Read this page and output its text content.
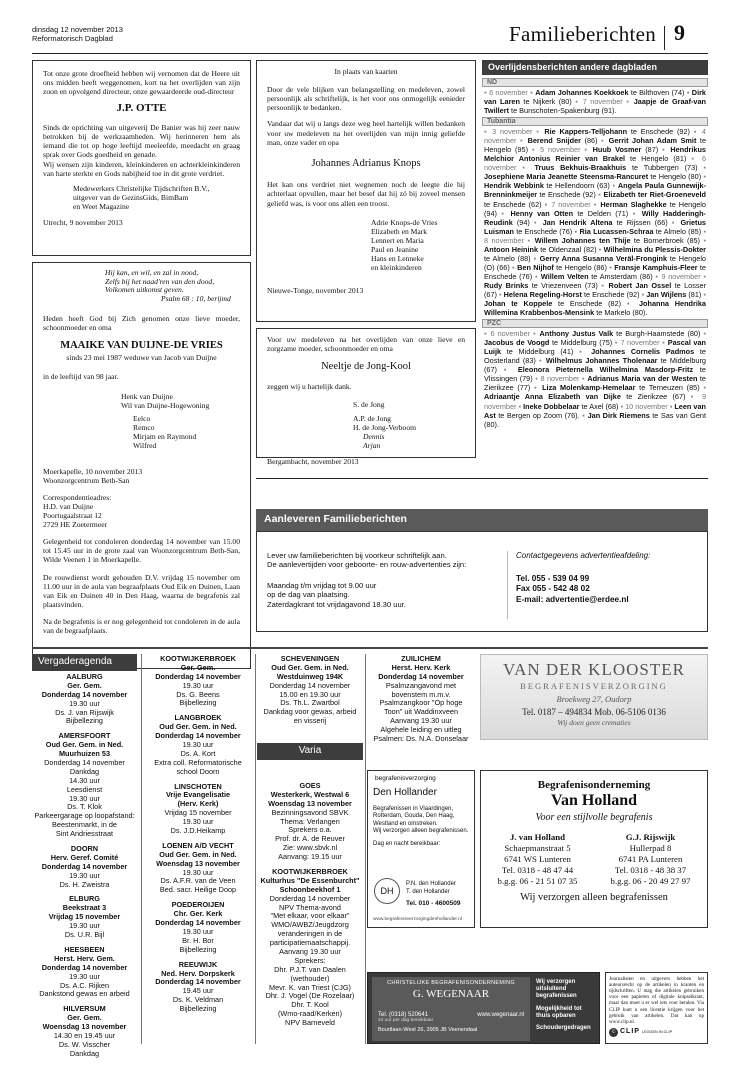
dinsdag 12 november 2013
Reformatorisch Dagblad	Familieberichten 9
Tot onze grote droefheid hebben wij vernomen dat de Heere uit ons midden heeft weggenomen, kort na het overlijden van zijn zoon en opvolgend directeur, onze gewaardeerde oud-directeur
J.P. OTTE
Sinds de oprichting van uitgeverij De Banier was hij zeer nauw betrokken bij de werkzaamheden. Wij herinneren hem als iemand die tot op hoge leeftijd meeleefde, meedacht en graag sprak over Gods goedheid en genade.
Wij wensen zijn kinderen, kleinkinderen en achterkleinkinderen van harte sterkte en Gods nabijheid toe in dit grote verdriet.
Medewerkers Christelijke Tijdschriften B.V.,
uitgever van de GezinsGids, BimBam
en Weet Magazine
Utrecht, 9 november 2013
Hij kan, en wil, en zal in nood,
Zelfs bij het naad'ren van den dood,
Volkomen uitkomst geven.
Psalm 68 : 10, berijmd
Heden heeft God bij Zich genomen onze lieve moeder, schoonmoeder en oma
MAAIKE VAN DUIJNE-DE VRIES
sinds 23 mei 1987 weduwe van Jacob van Duijne
in de leeftijd van 98 jaar.
Henk van Duijne
Wil van Duijne-Hogewoning
Eelco
Remco
Mirjam en Raymond
Wilfred
Moerkapelle, 10 november 2013
Woonzorgcentrum Beth-San
Correspondentieadres:
H.D. van Duijne
Poortugaalstraat 12
2729 HE Zoetermeer
Gelegenheid tot condoleren donderdag 14 november van 15.00 tot 15.45 uur in de grote zaal van Woonzorgcentrum Beth-San, Wilde Veenen 1 in Moerkapelle.
De rouwdienst wordt gehouden D.V. vrijdag 15 november om 11.00 uur in de aula van begraafplaats Oud Eik en Duinen, Laan van Eik en Duinen 40 in Den Haag, waarna de begrafenis zal plaatsvinden.
Na de begrafenis is er nog gelegenheid tot condoleren in de aula van de begraafplaats.
In plaats van kaarten
Door de vele blijken van belangstelling en medeleven, zowel persoonlijk als schriftelijk, is het voor ons onmogelijk eenieder persoonlijk te bedanken.
Vandaar dat wij u langs deze weg heel hartelijk willen bedanken voor uw medeleven na het overlijden van mijn innig geliefde man, onze vader en opa
Johannes Adrianus Knops
Het kan ons verdriet niet wegnemen noch de leegte die hij achterlaat opvullen, maar het besef dat hij zó bij zoveel mensen geliefd was, is voor ons allen een troost.
Adrie Knops-de Vries
Elizabeth en Mark
Lennert en Maria
Paul en Jeanine
Hans en Lenneke
en kleinkinderen
Nieuwe-Tonge, november 2013
Voor uw medeleven na het overlijden van onze lieve en zorgzame moeder, schoonmoeder en oma
Neeltje de Jong-Kool
zeggen wij u hartelijk dank.
S. de Jong
A.P. de Jong
H. de Jong-Verboom
Dennis
Arjan
Bergambacht, november 2013
Overlijdensberichten andere dagbladen
ND
▪ 6 november ▪ Adam Johannes Koekkoek te Bilthoven (74) ▪ Dirk van Laren te Nijkerk (80) ▪ 7 november ▪ Jaapje de Graaf-van Twillert te Bunschoten-Spakenburg (91).
Tubantia
▪ 3 november ▪ Rie Kappers-Telljohann te Enschede (92) ▪ 4 november ▪ Berend Snijder (86) ▪ Gerrit Johan Adam Smit te Hengelo (95) ▪ 5 november ▪ Huub Vosmer (87) ▪ Hendrikus Melchior Antonius Reinier van Brakel te Hengelo (81) ▪ 6 november ▪ Truus Bekhuis-Braakhuis te Tubbergen (73) ▪ Josephiene Maria Jeanette Steensma-Rancuret te Hengelo (80) ▪ Hendrik Webbink te Hellendoorn (63) ▪ Angela Paula Gunnewijk-Brenninkmeijer te Enschede (92) ▪ Elizabeth ter Riet-Groeneveld te Enschede (62) ▪ 7 november ▪ Herman Slaghekke te Hengelo (94) ▪ Henny van Otten te Delden (71) ▪ Willy Hadderingh-Reudink (94) ▪ Jan Hendrik Altena te Rijssen (66) ▪ Grietus Luisman te Enschede (76) ▪ Ria Lucassen-Schraa te Almelo (85) ▪ 8 november ▪ Willem Johannes ten Thije te Bornerbroek (85) ▪ Antoon Heinink te Oldenzaal (82) ▪ Wilhelmina du Plessis-Dokter te Almelo (88) ▪ Gerry Anna Susanna Veräl-Frongink te Hengelo (O) (66) ▪ Ben Nijhof te Hengelo (86) ▪ Fransje Kamphuis-Fleer te Enschede (76) ▪ Willem Velten te Amsterdam (86) ▪ 9 november ▪ Rudy Brinks te Vriezenveen (73) ▪ Robert Jan Ossel te Losser (67) ▪ Helena Regeling-Horst te Enschede (92) ▪ Jan Wijlens (81) ▪ Johan te Koppele te Enschede (82) ▪ Johanna Hendrika Willemina Krabbenbos-Mensink te Markelo (80).
PZC
▪ 6 november ▪ Anthony Justus Valk te Burgh-Haamstede (80) ▪ Jacobus de Voogd te Middelburg (75) ▪ 7 november ▪ Pascal van Luijk te Middelburg (41) ▪ Johannes Cornelis Padmos te Oosterland (83) ▪ Wilhelmus Johannes Tholenaar te Middelburg (67) ▪ Eleonora Pieternella Wilhelmina Masdorp-Fritz te Vlissingen (79) ▪ 8 november ▪ Adrianus Maria van der Westen te Zierikzee (77) ▪ Liza Molenkamp-Hemelaar te Terneuzen (85) ▪ Adriaantje Anna Elizabeth van Dijke te Zierikzee (67) ▪ 9 november ▪ Ineke Dobbelaar te Axel (68) ▪ 10 november ▪ Leen van Ast te Bergen op Zoom (76). ▪ Jan Dirk Riemens te Sas van Gent (80).
Aanleveren Familieberichten
Lever uw familieberichten bij voorkeur schriftelijk aan.
De aanlevertijden voor geboorte- en rouw-advertenties zijn:
Maandag t/m vrijdag tot 9.00 uur
op de dag van plaatsing.
Zaterdagkrant tot vrijdagavond 18.30 uur.
Contactgegevens advertentieafdeling:
Tel. 055 - 539 04 99
Fax 055 - 542 48 02
E-mail: advertentie@erdee.nl
Vergaderagenda
AALBURG
Ger. Gem.
Donderdag 14 november
19.30 uur
Ds. J. van Rijswijk
Bijbellezing
AMERSFOORT
Oud Ger. Gem. in Ned.
Muurhuizen 53
Donderdag 14 november
Dankdag
14.30 uur
Leesdienst
19.30 uur
Ds. T. Klok
Parkeergarage op loopafstand:
Beestenmarkt, in de
Sint Andriesstraat
DOORN
Herv. Geref. Comité
Donderdag 14 november
19.30 uur
Ds. H. Zweistra
ELBURG
Beekstraat 3
Vrijdag 15 november
19.30 uur
Ds. U.R. Bijl
HEESBEEN
Herst. Herv. Gem.
Donderdag 14 november
19.30 uur
Ds. A.C. Rijken
Dankstond gewas en arbeid
HILVERSUM
Ger. Gem.
Woensdag 13 november
14.30 en 19.45 uur
Ds. W. Visscher
Dankdag
KOOTWIJKERBROEK
Ger. Gem.
Donderdag 14 november
19.30 uur
Ds. G. Beens
Bijbellezing
LANGBROEK
Oud Ger. Gem. in Ned.
Donderdag 14 november
19.30 uur
Ds. A. Kort
Extra coll. Reformatorische
school Doorn
LINSCHOTEN
Vrije Evangelisatie
(Herv. Kerk)
Vrijdag 15 november
19.30 uur
Ds. J.D.Heikamp
LOENEN A/D VECHT
Oud Ger. Gem. in Ned.
Woensdag 13 november
19.30 uur
Ds. A.F.R. van de Veen
Bed. sacr. Heilige Doop
POEDEROIJEN
Chr. Ger. Kerk
Donderdag 14 november
19.30 uur
Br. H. Bor
Bijbellezing
REEUWIJK
Ned. Herv. Dorpskerk
Donderdag 14 november
19.45 uur
Ds. K. Veldman
Bijbellezing
SCHEVENINGEN
Oud Ger. Gem. in Ned.
Westduinweg 194K
Donderdag 14 november
15.00 en 19.30 uur
Ds. Th.L. Zwartbol
Dankdag voor gewas, arbeid
en visserij
Varia
GOES
Westerkerk, Westwal 6
Woensdag 13 november
Bezinningsavond SBVK
Thema: Verlangen
Sprekers o.a.
Prof. dr. A. de Reuver
Zie: www.sbvk.nl
Aanvang: 19.15 uur
KOOTWIJKERBROEK
Kulturhus "De Essenburcht"
Schoonbeekhof 1
Donderdag 14 november
NPV Thema-avond
"Met elkaar, voor elkaar"
WMO/AWBZ/Jeugdzorg
veranderingen in de
participatiemaatschappij.
Aanvang 19.30 uur
Sprekers:
Dhr. P.J.T. van Daalen
(wethouder)
Mevr. K. van Triest (CJG)
Dhr. J. Vogel (De Rozelaar)
Dhr. T. Kool
(Wmo-raad/Kerken)
NPV Barneveld
ZUILICHEM
Herst. Herv. Kerk
Donderdag 14 november
Psalmzangavond met
bovenstem m.m.v.
Psalmzangkoor "Op hoge
Toon" uit Waddinxveen
Aanvang 19.30 uur
Algehele leiding en uitleg
Psalmen: Ds. N.A. Donselaar
VAN DER KLOOSTER
BEGRAFENISVERZORGING
Broekweg 27, Oudorp
Tel. 0187 – 494834 Mob. 06-5106 0136
Wij doen geen crematies
begrafenisverzorging
Den Hollander
Begrafenissen in Vlaardingen,
Rotterdam, Gouda, Den Haag,
Westland en omstreken.
Wij verzorgen alleen begrafenissen.
Dag en nacht bereikbaar:
DH
P.N. den Hollander
T. den Hollander
Tel. 010 - 4600509
www.begrafenisverzorgingdenhollander.nl
Begrafenisonderneming
Van Holland
Voor een stijlvolle begrafenis
J. van Holland
Schaepmanstraat 5
6741 WS Lunteren
Tel. 0318 - 48 47 44
b.g.g. 06 - 21 51 07 35
G.J. Rijswijk
Hullerpad 8
6741 PA Lunteren
Tel. 0318 - 48 38 37
b.g.g. 06 - 20 49 27 97
Wij verzorgen alleen begrafenissen
CHRISTELIJKE BEGRAFENISONDERNEMING
G. WEGENAAR
Tel. (0318) 520641	www.wegenaar.nl
24 uur per dag bereikbaar
Bourtlaan-West 26, 3905 JB Veenendaal
Wij verzorgen uitsluitend begrafenissen
Mogelijkheid tot thuis opbaren
Schoudergedragen
Journalisten en uitgevers hebben het auteursrecht op de artikelen in kranten en tijdschriften. U mag die artikelen gebruiken voor een papieren of digitale knipselkrant, maar dan moet u er wel iets voor betalen. Via CLIP kunt u een licentie krijgen voor het gebruik van artikelen. Dat kan op www.clip.nl.
© CLIP LEGGEN IN CLIP
